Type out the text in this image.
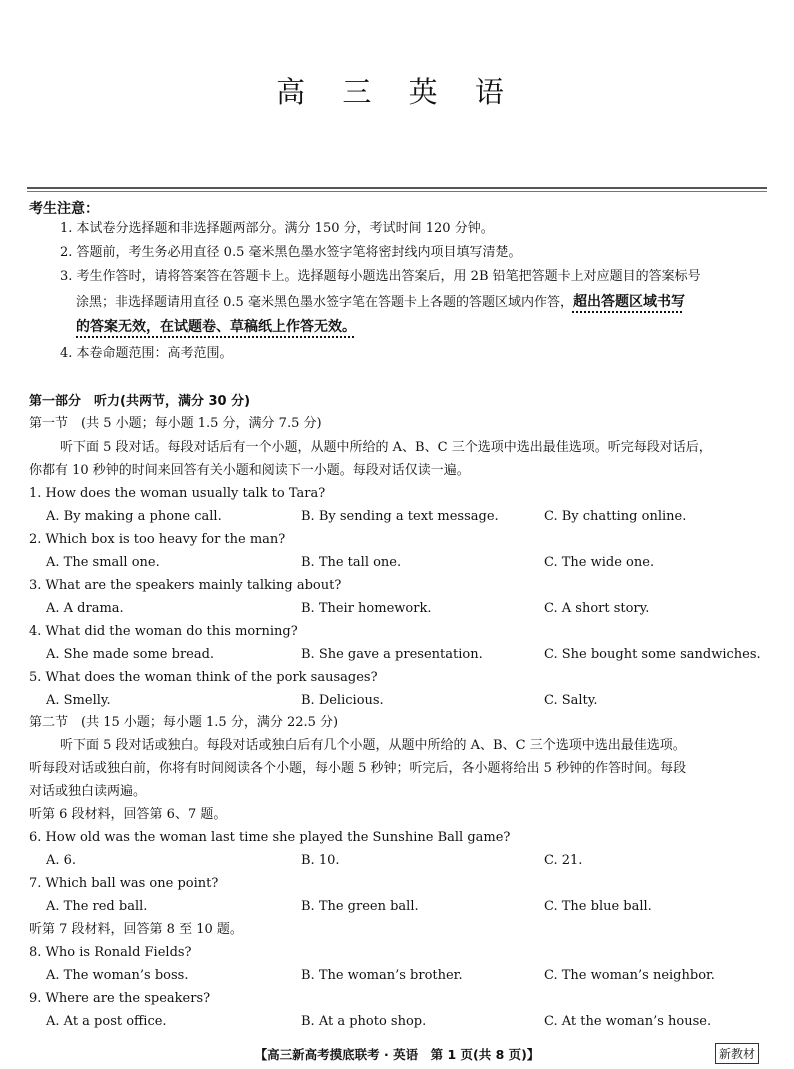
高 三 英 语
考生注意：
1. 本试卷分选择题和非选择题两部分。满分 150 分，考试时间 120 分钟。
2. 答题前，考生务必用直径 0.5 毫米黑色墨水签字笔将密封线内项目填写清楚。
3. 考生作答时，请将答案答在答题卡上。选择题每小题选出答案后，用 2B 铅笔把答题卡上对应题目的答案标号
涂黑；非选择题请用直径 0.5 毫米黑色墨水签字笔在答题卡上各题的答题区域内作答，超出答题区域书写
的答案无效，在试题卷、草稿纸上作答无效。
4. 本卷命题范围：高考范围。
第一部分　听力(共两节，满分 30 分)
第一节　(共 5 小题；每小题 1.5 分，满分 7.5 分)
听下面 5 段对话。每段对话后有一个小题，从题中所给的 A、B、C 三个选项中选出最佳选项。听完每段对话后，
你都有 10 秒钟的时间来回答有关小题和阅读下一小题。每段对话仅读一遍。
1. How does the woman usually talk to Tara?
A. By making a phone call.	B. By sending a text message.	C. By chatting online.
2. Which box is too heavy for the man?
A. The small one.	B. The tall one.	C. The wide one.
3. What are the speakers mainly talking about?
A. A drama.	B. Their homework.	C. A short story.
4. What did the woman do this morning?
A. She made some bread.	B. She gave a presentation.	C. She bought some sandwiches.
5. What does the woman think of the pork sausages?
A. Smelly.	B. Delicious.	C. Salty.
第二节　(共 15 小题；每小题 1.5 分，满分 22.5 分)
听下面 5 段对话或独白。每段对话或独白后有几个小题，从题中所给的 A、B、C 三个选项中选出最佳选项。
听每段对话或独白前，你将有时间阅读各个小题，每小题 5 秒钟；听完后，各小题将给出 5 秒钟的作答时间。每段
对话或独白读两遍。
听第 6 段材料，回答第 6、7 题。
6. How old was the woman last time she played the Sunshine Ball game?
A. 6.	B. 10.	C. 21.
7. Which ball was one point?
A. The red ball.	B. The green ball.	C. The blue ball.
听第 7 段材料，回答第 8 至 10 题。
8. Who is Ronald Fields?
A. The woman’s boss.	B. The woman’s brother.	C. The woman’s neighbor.
9. Where are the speakers?
A. At a post office.	B. At a photo shop.	C. At the woman’s house.
【高三新高考摸底联考 · 英语　第 1 页(共 8 页)】	新教材
